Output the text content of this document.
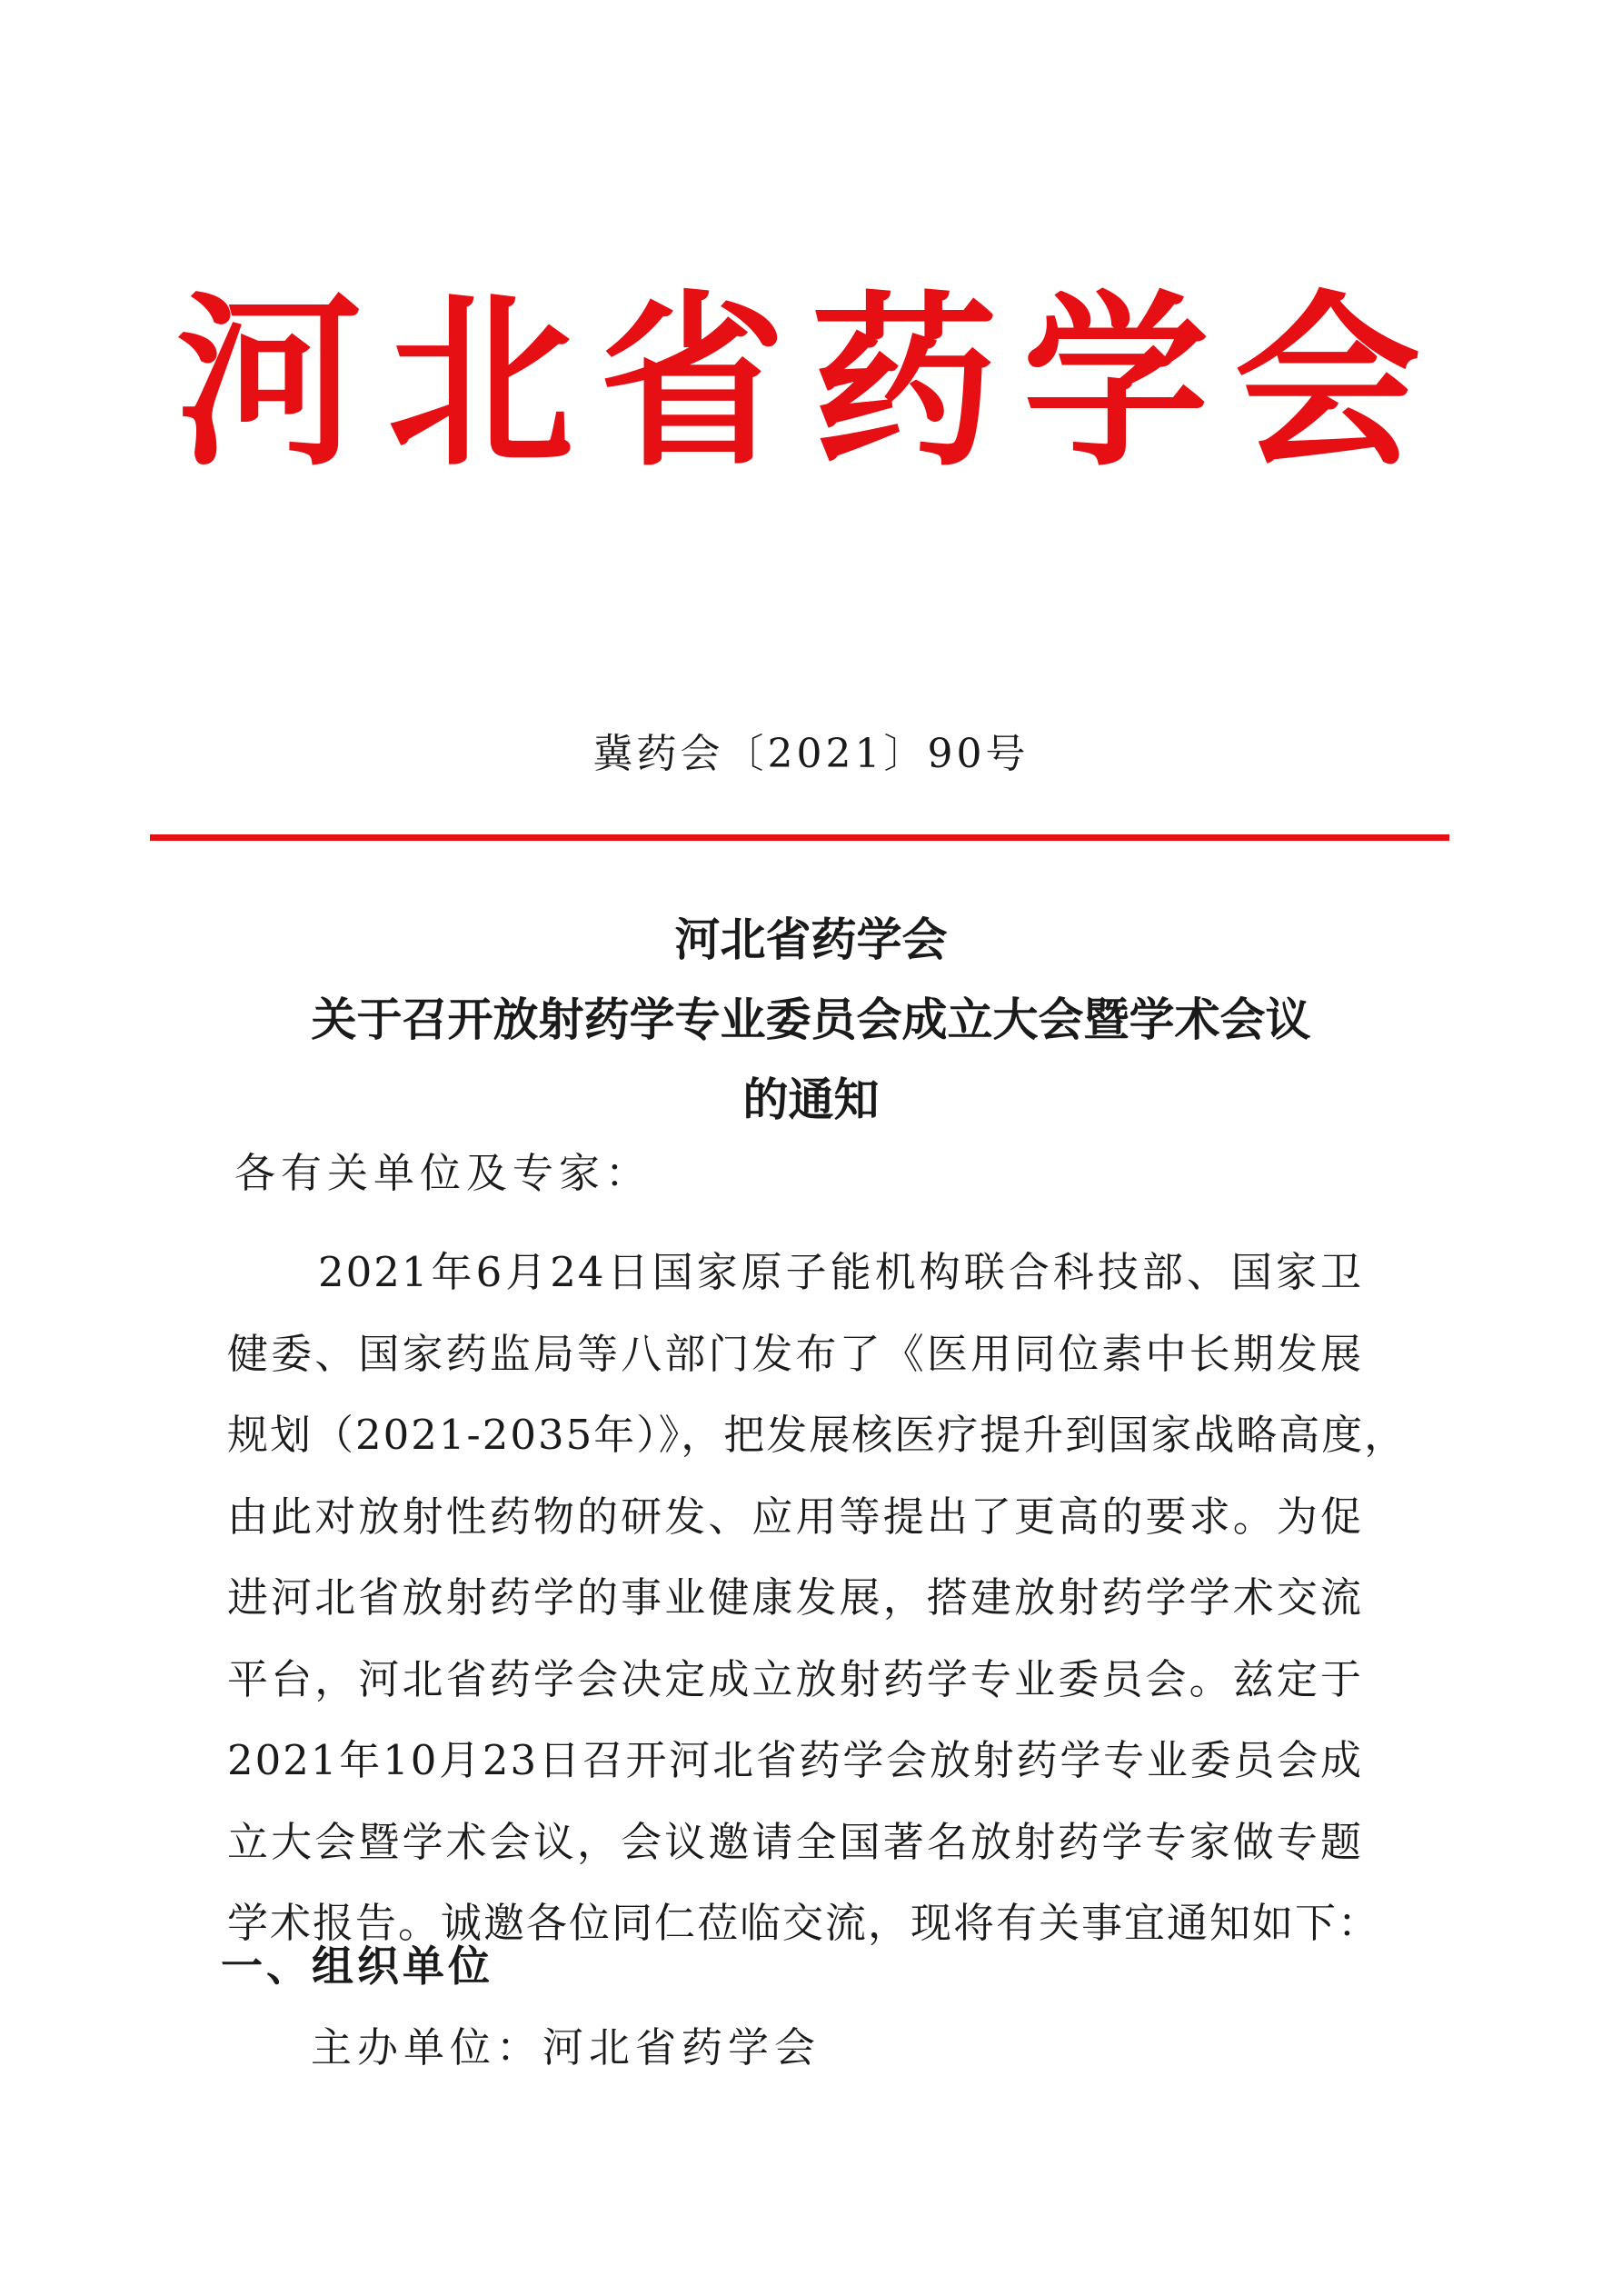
河北省药学会
冀药会〔2021〕90号
河北省药学会
关于召开放射药学专业委员会成立大会暨学术会议
的通知
各有关单位及专家：
2021年6月24日国家原子能机构联合科技部、国家卫
健委、国家药监局等八部门发布了《医用同位素中长期发展
规划（2021-2035年）》，把发展核医疗提升到国家战略高度，
由此对放射性药物的研发、应用等提出了更高的要求。为促
进河北省放射药学的事业健康发展，搭建放射药学学术交流
平台，河北省药学会决定成立放射药学专业委员会。兹定于
2021年10月23日召开河北省药学会放射药学专业委员会成
立大会暨学术会议，会议邀请全国著名放射药学专家做专题
学术报告。诚邀各位同仁莅临交流，现将有关事宜通知如下：
一、组织单位
主办单位：河北省药学会
